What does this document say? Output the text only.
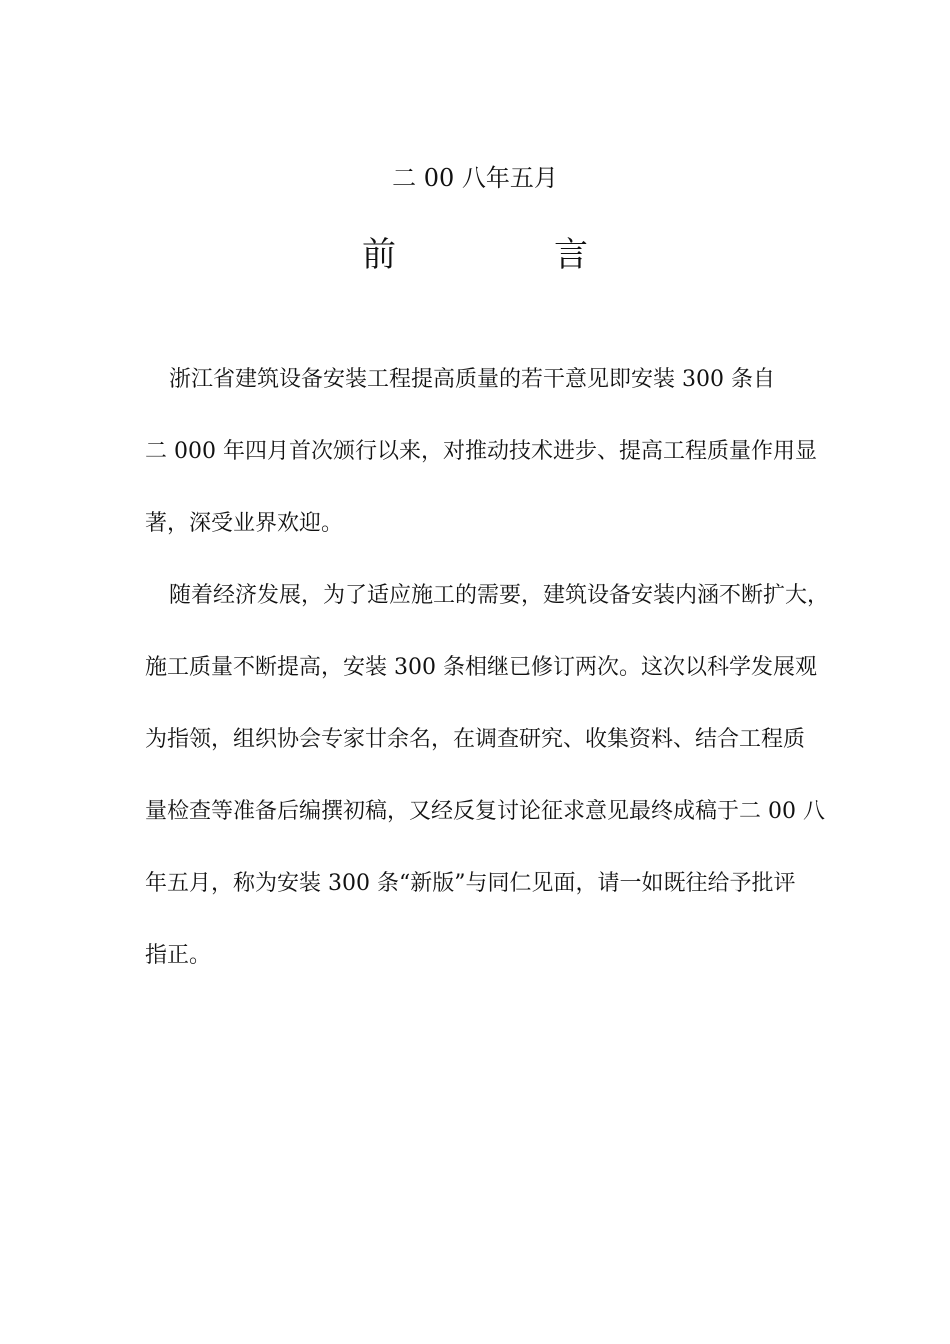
二 00 八年五月
前	言
浙江省建筑设备安装工程提高质量的若干意见即安装 300 条自
二 000 年四月首次颁行以来，对推动技术进步、提高工程质量作用显
著，深受业界欢迎。
随着经济发展，为了适应施工的需要，建筑设备安装内涵不断扩大，
施工质量不断提高，安装 300 条相继已修订两次。这次以科学发展观
为指领，组织协会专家廿余名，在调查研究、收集资料、结合工程质
量检查等准备后编撰初稿，又经反复讨论征求意见最终成稿于二 00 八
年五月，称为安装 300 条“新版”与同仁见面，请一如既往给予批评
指正。
